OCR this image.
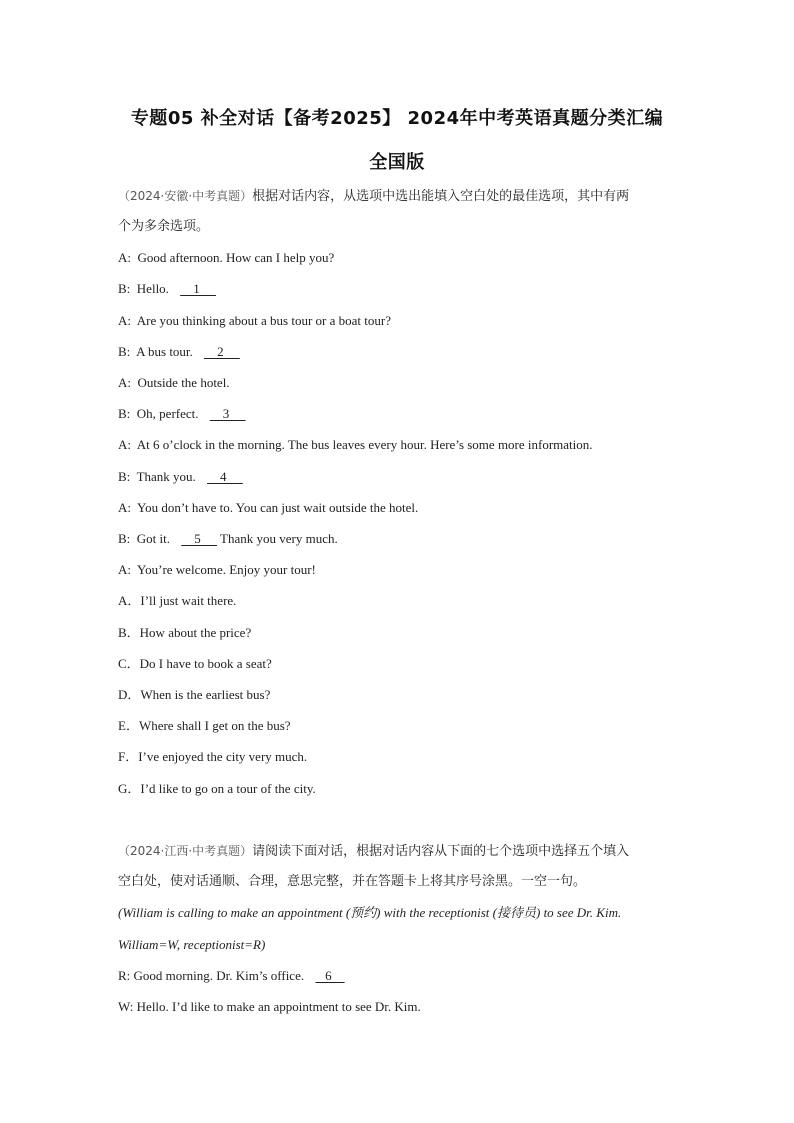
专题05 补全对话【备考2025】 2024年中考英语真题分类汇编
全国版
（2024·安徽·中考真题）根据对话内容，从选项中选出能填入空白处的最佳选项，其中有两
个为多余选项。
A: Good afternoon. How can I help you?
B: Hello.     1
A: Are you thinking about a bus tour or a boat tour?
B: A bus tour.     2
A: Outside the hotel.
B: Oh, perfect.     3
A: At 6 o’clock in the morning. The bus leaves every hour. Here’s some more information.
B: Thank you.     4
A: You don’t have to. You can just wait outside the hotel.
B: Got it.     5      Thank you very much.
A: You’re welcome. Enjoy your tour!
A．I’ll just wait there.
B．How about the price?
C．Do I have to book a seat?
D．When is the earliest bus?
E．Where shall I get on the bus?
F．I’ve enjoyed the city very much.
G．I’d like to go on a tour of the city.
（2024·江西·中考真题）请阅读下面对话，根据对话内容从下面的七个选项中选择五个填入
空白处，使对话通顺、合理，意思完整，并在答题卡上将其序号涂黑。一空一句。
(William is calling to make an appointment (预约) with the receptionist (接待员) to see Dr. Kim.
William=W, receptionist=R)
R: Good morning. Dr. Kim’s office.    6
W: Hello. I’d like to make an appointment to see Dr. Kim.
